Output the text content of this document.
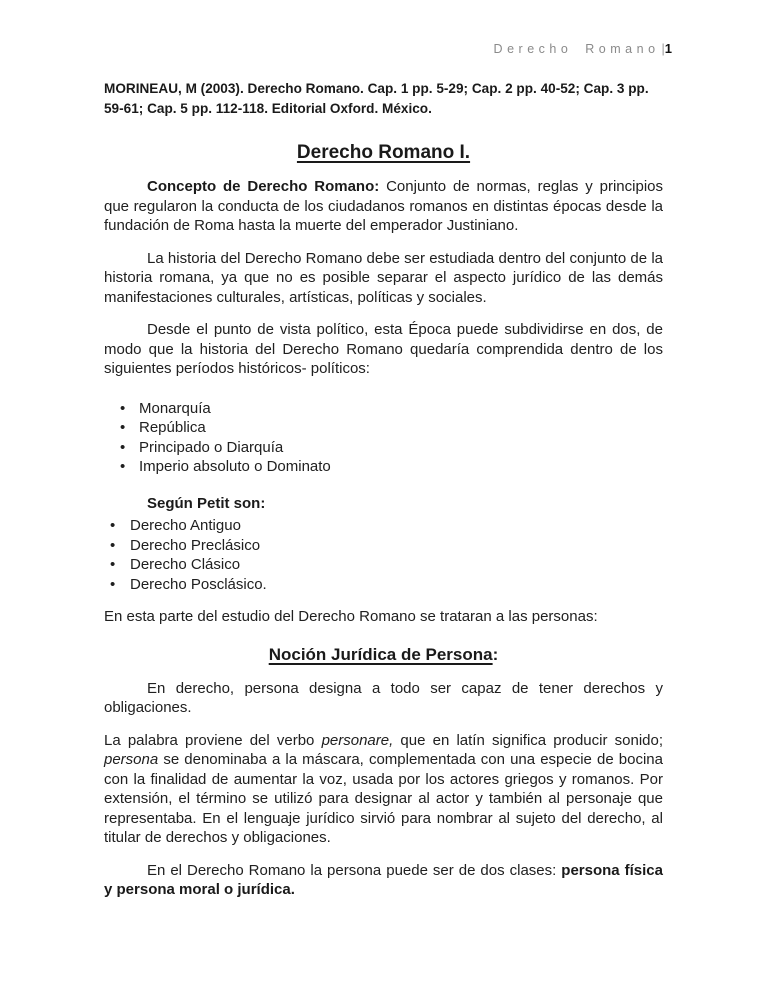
Derecho Romano |1

MORINEAU, M (2003). Derecho Romano. Cap. 1 pp. 5-29; Cap. 2 pp. 40-52; Cap. 3 pp. 59-61; Cap. 5 pp. 112-118. Editorial Oxford. México.

Derecho Romano I.

Concepto de Derecho Romano: Conjunto de normas, reglas y principios que regularon la conducta de los ciudadanos romanos en distintas épocas desde la fundación de Roma hasta la muerte del emperador Justiniano.

La historia del Derecho Romano debe ser estudiada dentro del conjunto de la historia romana, ya que no es posible separar el aspecto jurídico de las demás manifestaciones culturales, artísticas, políticas y sociales.

Desde el punto de vista político, esta Época puede subdividirse en dos, de modo que la historia del Derecho Romano quedaría comprendida dentro de los siguientes períodos históricos- políticos:

• Monarquía
• República
• Principado o Diarquía
• Imperio absoluto o Dominato

Según Petit son:

• Derecho Antiguo
• Derecho Preclásico
• Derecho Clásico
• Derecho Posclásico.

En esta parte del estudio del Derecho Romano se trataran a las personas:

Noción Jurídica de Persona:

En derecho, persona designa a todo ser capaz de tener derechos y obligaciones.

La palabra proviene del verbo personare, que en latín significa producir sonido; persona se denominaba a la máscara, complementada con una especie de bocina con la finalidad de aumentar la voz, usada por los actores griegos y romanos. Por extensión, el término se utilizó para designar al actor y también al personaje que representaba. En el lenguaje jurídico sirvió para nombrar al sujeto del derecho, al titular de derechos y obligaciones.

En el Derecho Romano la persona puede ser de dos clases: persona física y persona moral o jurídica.
